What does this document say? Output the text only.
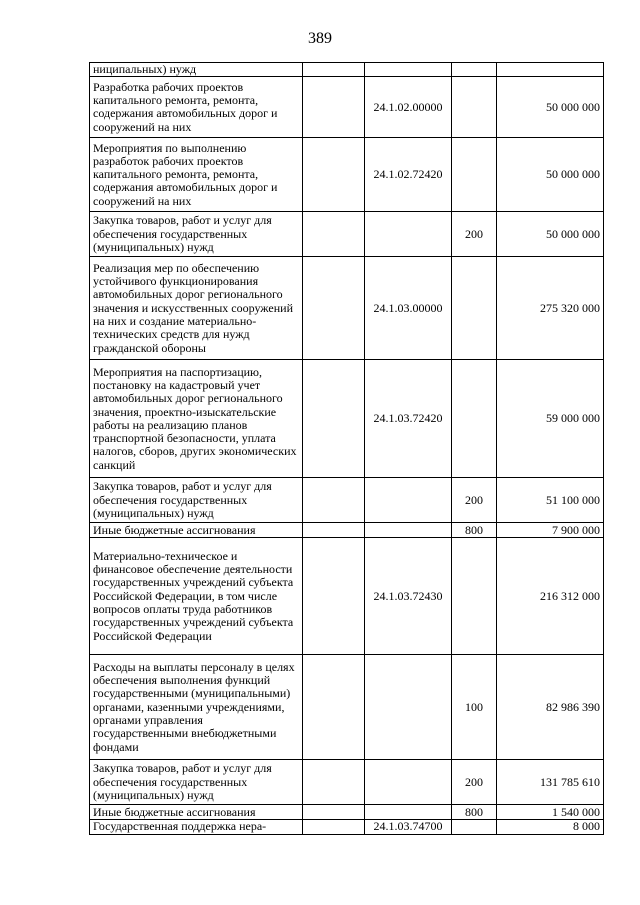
389
ниципальных) нужд				
Разработка рабочих проектов капитального ремонта, ремонта, содержания автомобильных дорог и сооружений на них		24.1.02.00000		50 000 000
Мероприятия по выполнению разработок рабочих проектов капитального ремонта, ремонта, содержания автомобильных дорог и сооружений на них		24.1.02.72420		50 000 000
Закупка товаров, работ и услуг для обеспечения государственных (муниципальных) нужд			200	50 000 000
Реализация мер по обеспечению устойчивого функционирования автомобильных дорог регионального значения и искусственных сооружений на них и создание материально-технических средств для нужд гражданской обороны		24.1.03.00000		275 320 000
Мероприятия на паспортизацию, постановку на кадастровый учет автомобильных дорог регионального значения, проектно-изыскательские работы на реализацию планов транспортной безопасности, уплата налогов, сборов, других экономических санкций		24.1.03.72420		59 000 000
Закупка товаров, работ и услуг для обеспечения государственных (муниципальных) нужд			200	51 100 000
Иные бюджетные ассигнования			800	7 900 000
Материально-техническое и финансовое обеспечение деятельности государственных учреждений субъекта Российской Федерации, в том числе вопросов оплаты труда работников государственных учреждений субъекта Российской Федерации		24.1.03.72430		216 312 000
Расходы на выплаты персоналу в целях обеспечения выполнения функций государственными (муниципальными) органами, казенными учреждениями, органами управления государственными внебюджетными фондами			100	82 986 390
Закупка товаров, работ и услуг для обеспечения государственных (муниципальных) нужд			200	131 785 610
Иные бюджетные ассигнования			800	1 540 000
Государственная поддержка нера-		24.1.03.74700		8 000
